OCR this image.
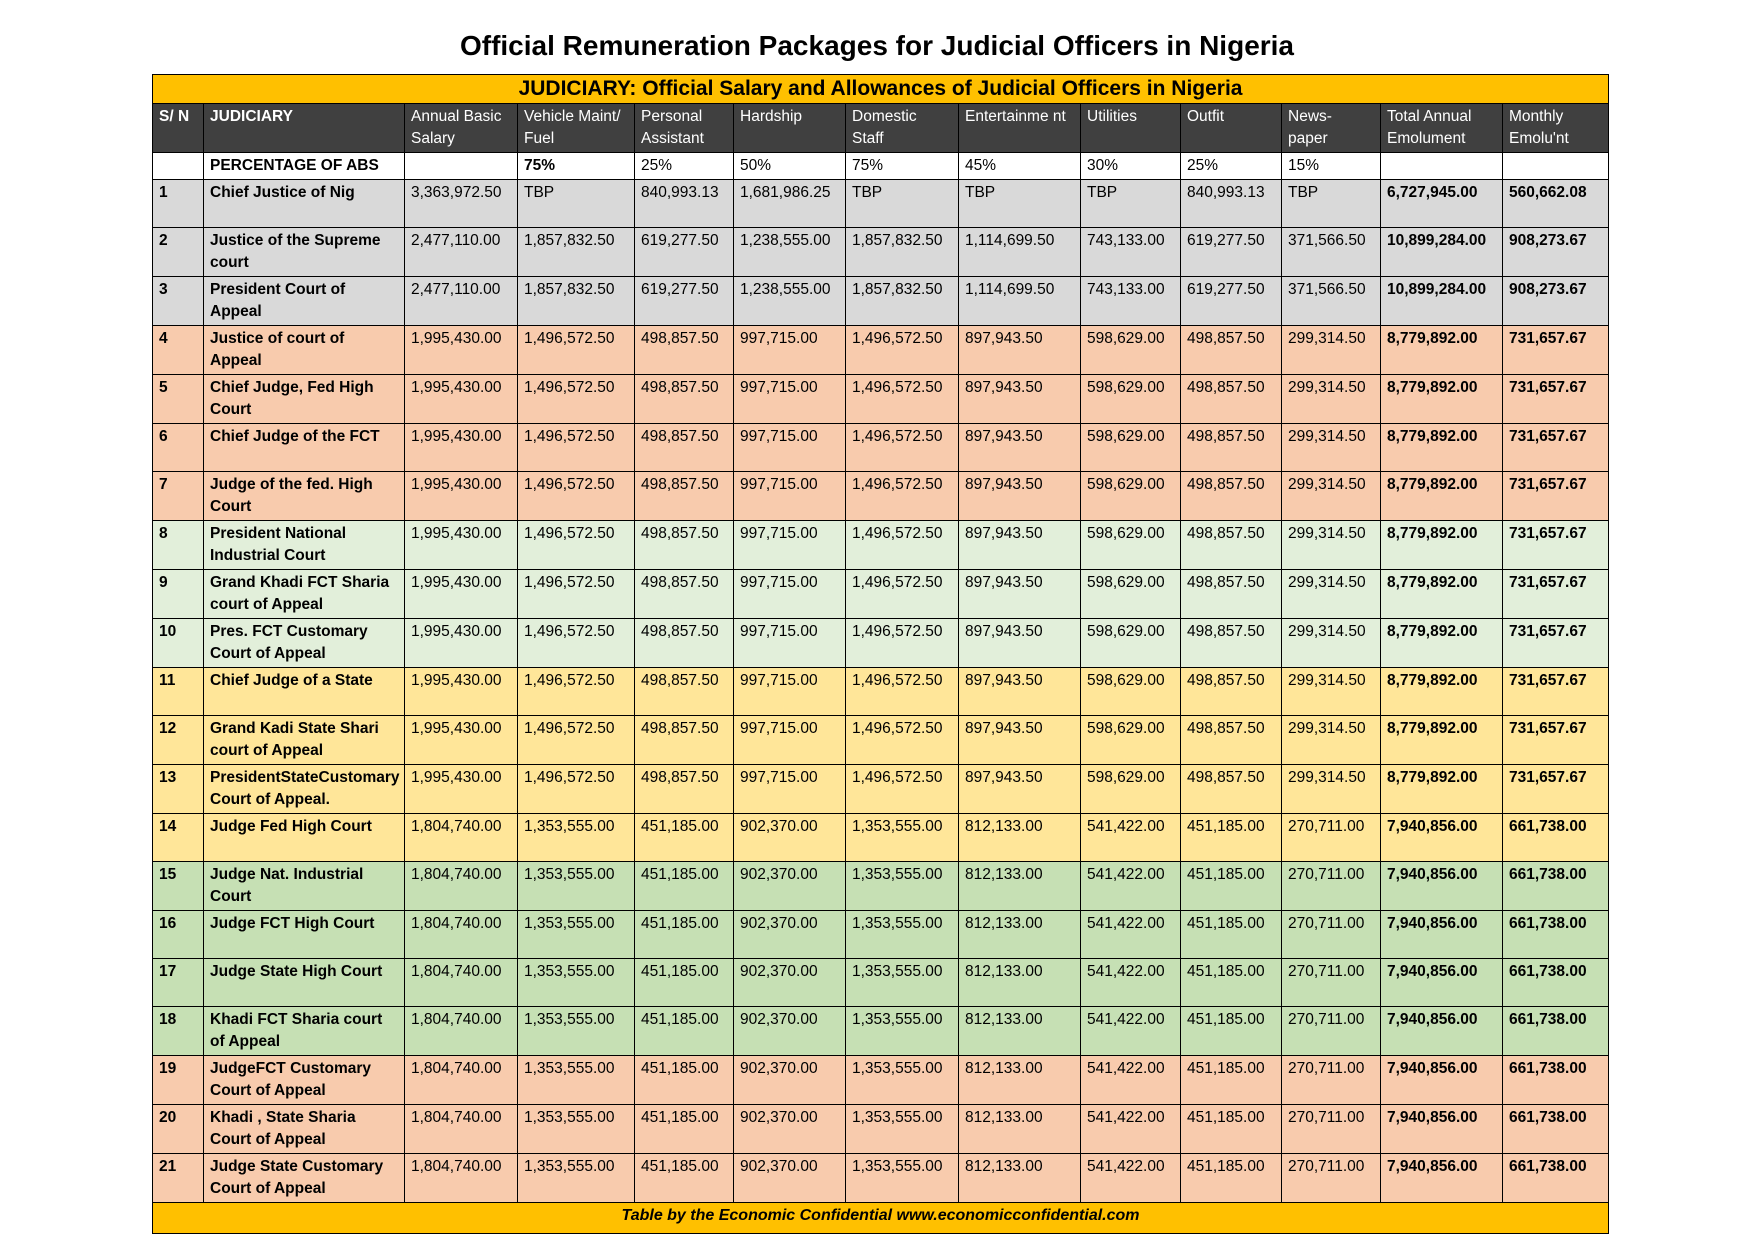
Official Remuneration Packages for Judicial Officers in Nigeria
JUDICIARY: Official Salary and Allowances of Judicial Officers in Nigeria												
S/ N	JUDICIARY	Annual Basic Salary	Vehicle Maint/ Fuel	Personal Assistant	Hardship	Domestic Staff	Entertainme nt	Utilities	Outfit	News- paper	Total Annual Emolument	Monthly Emolu'nt
	PERCENTAGE OF ABS		75%	25%	50%	75%	45%	30%	25%	15%		
1	Chief Justice of Nig	3,363,972.50	TBP	840,993.13	1,681,986.25	TBP	TBP	TBP	840,993.13	TBP	6,727,945.00	560,662.08
2	Justice of the Supreme court	2,477,110.00	1,857,832.50	619,277.50	1,238,555.00	1,857,832.50	1,114,699.50	743,133.00	619,277.50	371,566.50	10,899,284.00	908,273.67
3	President Court of Appeal	2,477,110.00	1,857,832.50	619,277.50	1,238,555.00	1,857,832.50	1,114,699.50	743,133.00	619,277.50	371,566.50	10,899,284.00	908,273.67
4	Justice of court of Appeal	1,995,430.00	1,496,572.50	498,857.50	997,715.00	1,496,572.50	897,943.50	598,629.00	498,857.50	299,314.50	8,779,892.00	731,657.67
5	Chief Judge, Fed High Court	1,995,430.00	1,496,572.50	498,857.50	997,715.00	1,496,572.50	897,943.50	598,629.00	498,857.50	299,314.50	8,779,892.00	731,657.67
6	Chief Judge of the FCT	1,995,430.00	1,496,572.50	498,857.50	997,715.00	1,496,572.50	897,943.50	598,629.00	498,857.50	299,314.50	8,779,892.00	731,657.67
7	Judge of the fed. High Court	1,995,430.00	1,496,572.50	498,857.50	997,715.00	1,496,572.50	897,943.50	598,629.00	498,857.50	299,314.50	8,779,892.00	731,657.67
8	President National Industrial Court	1,995,430.00	1,496,572.50	498,857.50	997,715.00	1,496,572.50	897,943.50	598,629.00	498,857.50	299,314.50	8,779,892.00	731,657.67
9	Grand Khadi FCT Sharia court of Appeal	1,995,430.00	1,496,572.50	498,857.50	997,715.00	1,496,572.50	897,943.50	598,629.00	498,857.50	299,314.50	8,779,892.00	731,657.67
10	Pres. FCT Customary Court of Appeal	1,995,430.00	1,496,572.50	498,857.50	997,715.00	1,496,572.50	897,943.50	598,629.00	498,857.50	299,314.50	8,779,892.00	731,657.67
11	Chief Judge of a State	1,995,430.00	1,496,572.50	498,857.50	997,715.00	1,496,572.50	897,943.50	598,629.00	498,857.50	299,314.50	8,779,892.00	731,657.67
12	Grand Kadi State Shari court of Appeal	1,995,430.00	1,496,572.50	498,857.50	997,715.00	1,496,572.50	897,943.50	598,629.00	498,857.50	299,314.50	8,779,892.00	731,657.67
13	PresidentStateCustomary Court of Appeal.	1,995,430.00	1,496,572.50	498,857.50	997,715.00	1,496,572.50	897,943.50	598,629.00	498,857.50	299,314.50	8,779,892.00	731,657.67
14	Judge Fed High Court	1,804,740.00	1,353,555.00	451,185.00	902,370.00	1,353,555.00	812,133.00	541,422.00	451,185.00	270,711.00	7,940,856.00	661,738.00
15	Judge Nat. Industrial Court	1,804,740.00	1,353,555.00	451,185.00	902,370.00	1,353,555.00	812,133.00	541,422.00	451,185.00	270,711.00	7,940,856.00	661,738.00
16	Judge FCT High Court	1,804,740.00	1,353,555.00	451,185.00	902,370.00	1,353,555.00	812,133.00	541,422.00	451,185.00	270,711.00	7,940,856.00	661,738.00
17	Judge State High Court	1,804,740.00	1,353,555.00	451,185.00	902,370.00	1,353,555.00	812,133.00	541,422.00	451,185.00	270,711.00	7,940,856.00	661,738.00
18	Khadi FCT Sharia court of Appeal	1,804,740.00	1,353,555.00	451,185.00	902,370.00	1,353,555.00	812,133.00	541,422.00	451,185.00	270,711.00	7,940,856.00	661,738.00
19	JudgeFCT Customary Court of Appeal	1,804,740.00	1,353,555.00	451,185.00	902,370.00	1,353,555.00	812,133.00	541,422.00	451,185.00	270,711.00	7,940,856.00	661,738.00
20	Khadi , State Sharia Court of Appeal	1,804,740.00	1,353,555.00	451,185.00	902,370.00	1,353,555.00	812,133.00	541,422.00	451,185.00	270,711.00	7,940,856.00	661,738.00
21	Judge State Customary Court of Appeal	1,804,740.00	1,353,555.00	451,185.00	902,370.00	1,353,555.00	812,133.00	541,422.00	451,185.00	270,711.00	7,940,856.00	661,738.00
Table by the Economic Confidential www.economicconfidential.com												
